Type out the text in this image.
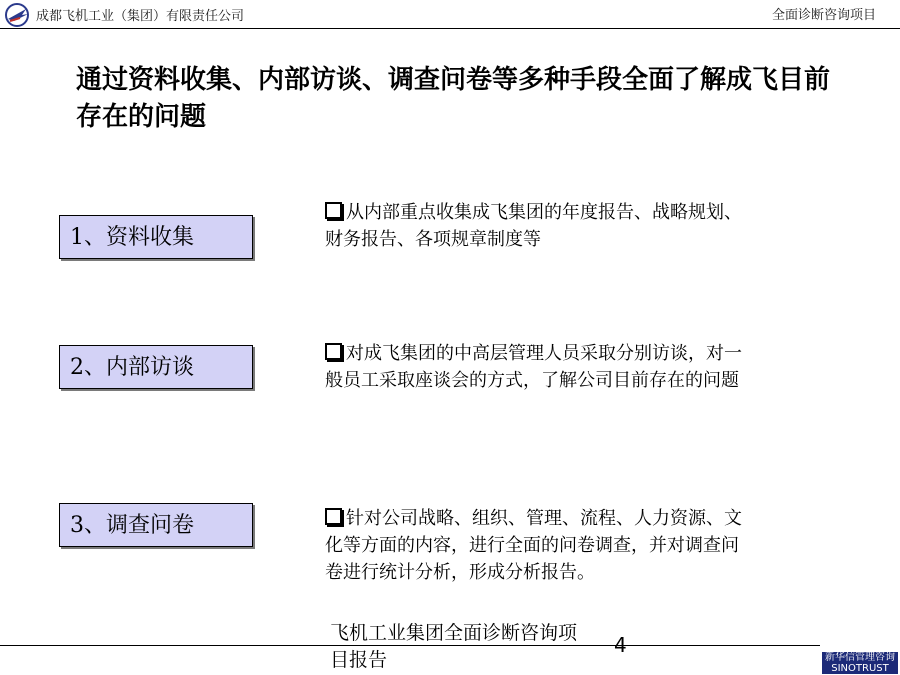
成都飞机工业（集团）有限责任公司	全面诊断咨询项目
通过资料收集、内部访谈、调查问卷等多种手段全面了解成飞目前存在的问题
1、资料收集
从内部重点收集成飞集团的年度报告、战略规划、财务报告、各项规章制度等
2、内部访谈
对成飞集团的中高层管理人员采取分别访谈，对一般员工采取座谈会的方式，了解公司目前存在的问题
3、调查问卷	针对公司战略、组织、管理、流程、人力资源、文化等方面的内容，进行全面的问卷调查，并对调查问卷进行统计分析，形成分析报告。
飞机工业集团全面诊断咨询项目报告
4
新华信管理咨询
SINOTRUST
